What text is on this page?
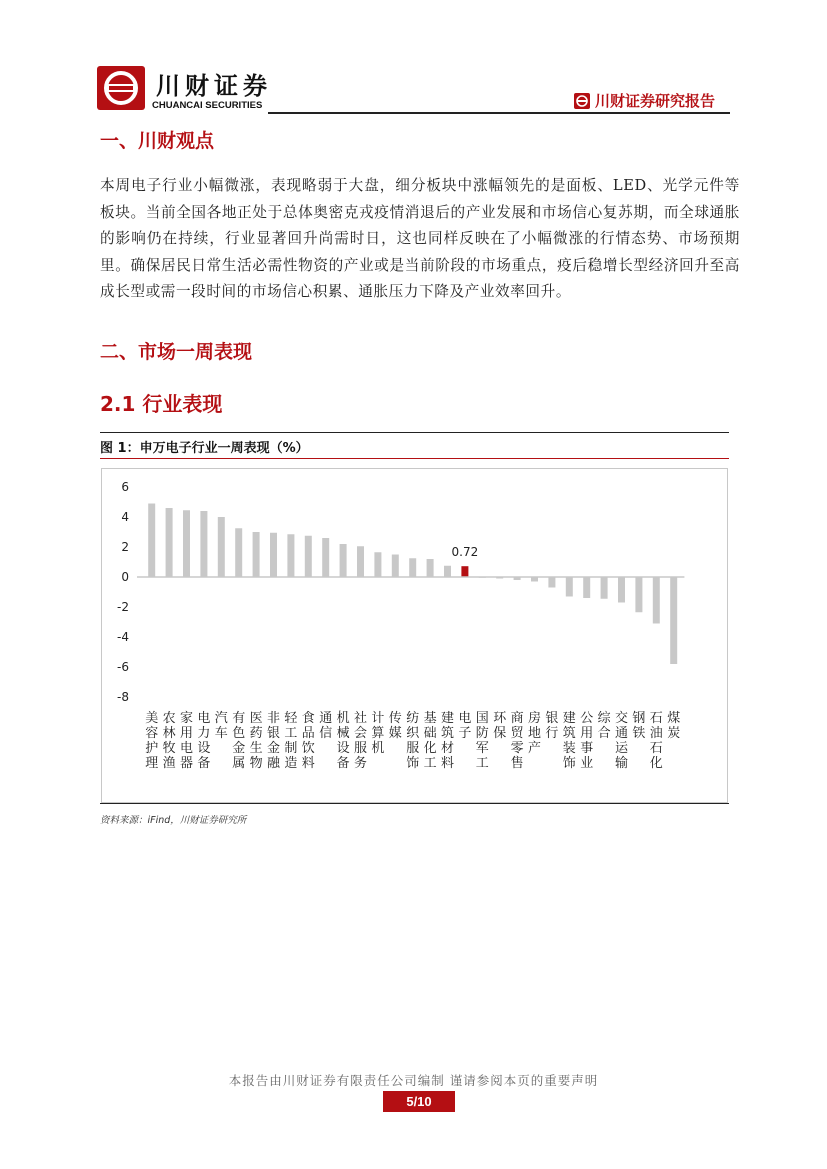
川财证券
CHUANCAI SECURITIES	川财证券研究报告
一、川财观点
本周电子行业小幅微涨，表现略弱于大盘，细分板块中涨幅领先的是面板、LED、光学元件等板块。当前全国各地正处于总体奥密克戎疫情消退后的产业发展和市场信心复苏期，而全球通胀的影响仍在持续，行业显著回升尚需时日，这也同样反映在了小幅微涨的行情态势、市场预期里。确保居民日常生活必需性物资的产业或是当前阶段的市场重点，疫后稳增长型经济回升至高成长型或需一段时间的市场信心积累、通胀压力下降及产业效率回升。
二、市场一周表现
2.1 行业表现
图 1：申万电子行业一周表现（%）
6
4
2
0
-2
-4
-6
-8
0.72
美容护理
农林牧渔
家用电器
电力设备
汽车
有色金属
医药生物
非银金融
轻工制造
食品饮料
通信
机械设备
社会服务
计算机
传媒
纺织服饰
基础化工
建筑材料
电子
国防军工
环保
商贸零售
房地产
银行
建筑装饰
公用事业
综合
交通运输
钢铁
石油石化
煤炭
资料来源：iFind，川财证券研究所
本报告由川财证券有限责任公司编制 谨请参阅本页的重要声明
5/10
